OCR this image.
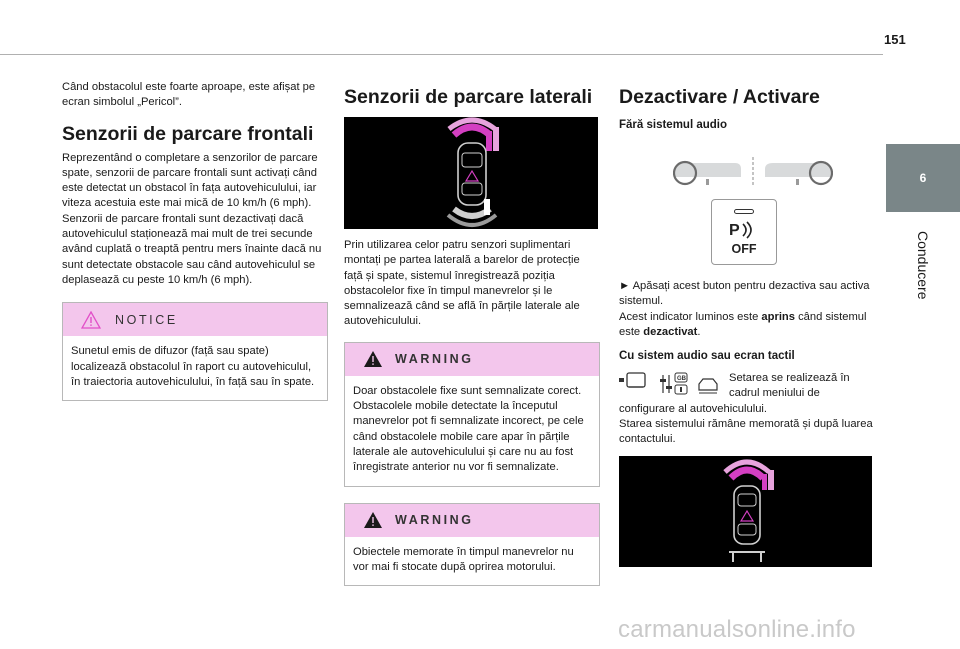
151
6
Conducere

Când obstacolul este foarte aproape, este afișat pe ecran simbolul „Pericol”.

Senzorii de parcare frontali

Reprezentând o completare a senzorilor de parcare spate, senzorii de parcare frontali sunt activați când este detectat un obstacol în fața autovehiculului, iar viteza acestuia este mai mică de 10 km/h (6 mph).

Senzorii de parcare frontali sunt dezactivați dacă autovehiculul staționează mai mult de trei secunde având cuplată o treaptă pentru mers înainte dacă nu sunt detectate obstacole sau când autovehiculul se deplasează cu peste 10 km/h (6 mph).

NOTICE

Sunetul emis de difuzor (față sau spate) localizează obstacolul în raport cu autovehiculul, în traiectoria autovehiculului, în față sau în spate.

Senzorii de parcare laterali

Prin utilizarea celor patru senzori suplimentari montați pe partea laterală a barelor de protecție față și spate, sistemul înregistrează poziția obstacolelor fixe în timpul manevrelor și le semnalizează când se află în părțile laterale ale autovehiculului.

WARNING

Doar obstacolele fixe sunt semnalizate corect. Obstacolele mobile detectate la începutul manevrelor pot fi semnalizate incorect, pe cele când obstacolele mobile care apar în părțile laterale ale autovehiculului și care nu au fost înregistrate anterior nu vor fi semnalizate.

WARNING

Obiectele memorate în timpul manevrelor nu vor mai fi stocate după oprirea motorului.

Dezactivare / Activare
Fără sistemul audio
P
OFF

► Apăsați acest buton pentru dezactiva sau activa sistemul.

Acest indicator luminos este aprins când sistemul este dezactivat.

Cu sistem audio sau ecran tactil
GB	Setarea se realizează în cadrul meniului de

configurare al autovehiculului.

Starea sistemului rămâne memorată și după luarea contactului.

carmanualsonline.info
